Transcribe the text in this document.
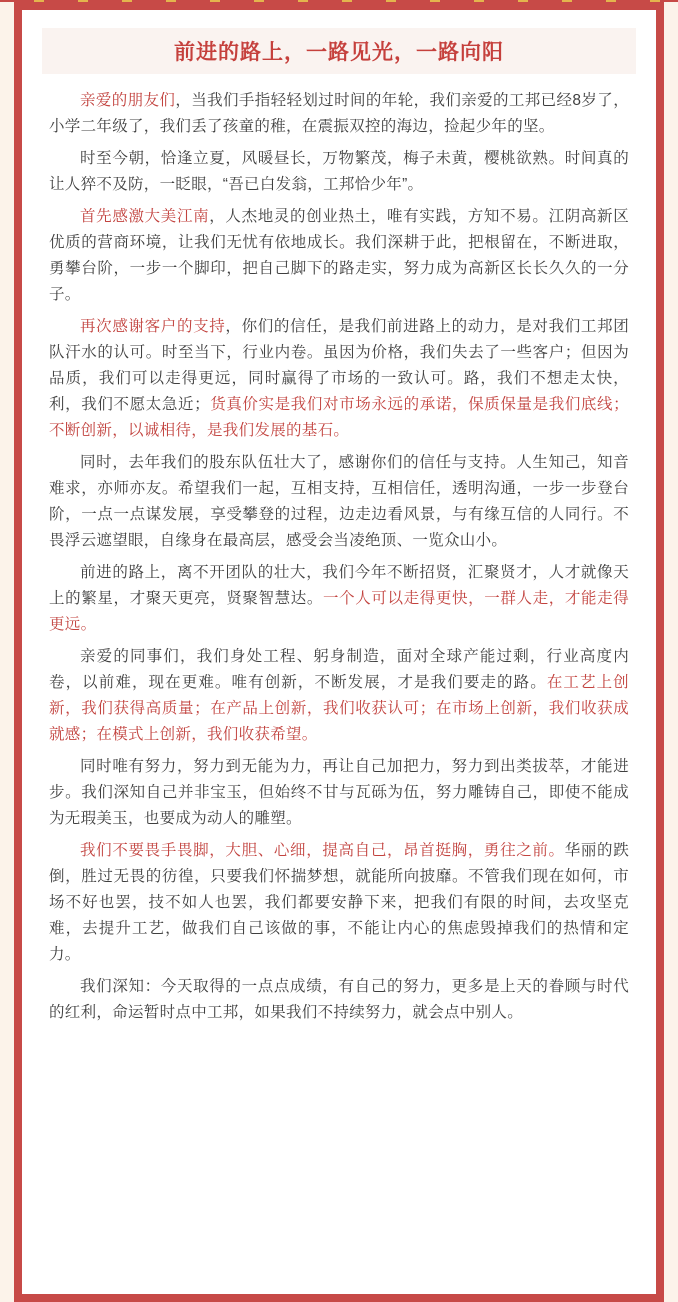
前进的路上，一路见光，一路向阳

亲爱的朋友们，当我们手指轻轻划过时间的年轮，我们亲爱的工邦已经8岁了，小学二年级了，我们丢了孩童的稚，在震振双控的海边，捡起少年的坚。

时至今朝，恰逢立夏，风暖昼长，万物繁茂，梅子未黄，樱桃欲熟。时间真的让人猝不及防，一眨眼，“吾已白发翁，工邦恰少年”。

首先感激大美江南，人杰地灵的创业热土，唯有实践，方知不易。江阴高新区优质的营商环境，让我们无忧有依地成长。我们深耕于此，把根留在，不断进取，勇攀台阶，一步一个脚印，把自己脚下的路走实，努力成为高新区长长久久的一分子。

再次感谢客户的支持，你们的信任，是我们前进路上的动力，是对我们工邦团队汗水的认可。时至当下，行业内卷。虽因为价格，我们失去了一些客户；但因为品质，我们可以走得更远，同时赢得了市场的一致认可。路，我们不想走太快，利，我们不愿太急近；货真价实是我们对市场永远的承诺，保质保量是我们底线；不断创新，以诚相待，是我们发展的基石。

同时，去年我们的股东队伍壮大了，感谢你们的信任与支持。人生知己，知音难求，亦师亦友。希望我们一起，互相支持，互相信任，透明沟通，一步一步登台阶，一点一点谋发展，享受攀登的过程，边走边看风景，与有缘互信的人同行。不畏浮云遮望眼，自缘身在最高层，感受会当凌绝顶、一览众山小。

前进的路上，离不开团队的壮大，我们今年不断招贤，汇聚贤才，人才就像天上的繁星，才聚天更亮，贤聚智慧达。一个人可以走得更快，一群人走，才能走得更远。

亲爱的同事们，我们身处工程、躬身制造，面对全球产能过剩，行业高度内卷，以前难，现在更难。唯有创新，不断发展，才是我们要走的路。在工艺上创新，我们获得高质量；在产品上创新，我们收获认可；在市场上创新，我们收获成就感；在模式上创新，我们收获希望。

同时唯有努力，努力到无能为力，再让自己加把力，努力到出类拔萃，才能进步。我们深知自己并非宝玉，但始终不甘与瓦砾为伍，努力雕铸自己，即使不能成为无瑕美玉，也要成为动人的雕塑。

我们不要畏手畏脚，大胆、心细，提高自己，昂首挺胸，勇往之前。华丽的跌倒，胜过无畏的彷徨，只要我们怀揣梦想，就能所向披靡。不管我们现在如何，市场不好也罢，技不如人也罢，我们都要安静下来，把我们有限的时间，去攻坚克难，去提升工艺，做我们自己该做的事，不能让内心的焦虑毁掉我们的热情和定力。

我们深知：今天取得的一点点成绩，有自己的努力，更多是上天的眷顾与时代的红利，命运暂时点中工邦，如果我们不持续努力，就会点中别人。
